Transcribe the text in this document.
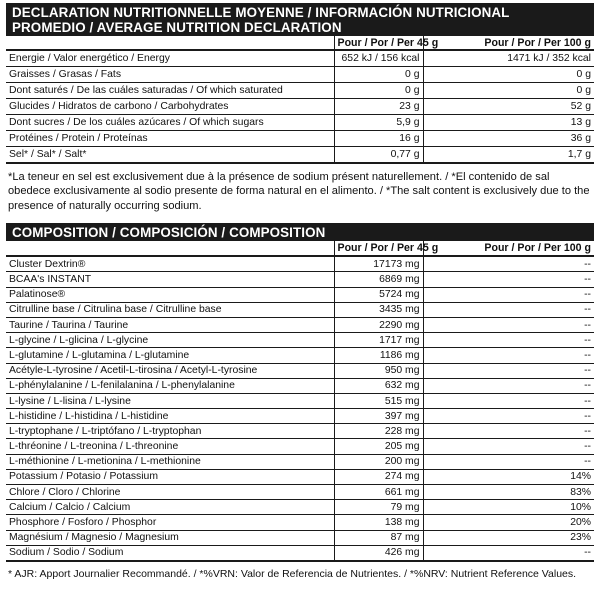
DECLARATION NUTRITIONNELLE MOYENNE / INFORMACIÓN NUTRICIONAL
PROMEDIO / AVERAGE NUTRITION DECLARATION
	Pour / Por / Per 45 g	Pour / Por / Per 100 g
Energie / Valor energético / Energy	652 kJ / 156 kcal	1471 kJ / 352 kcal
Graisses / Grasas / Fats	0 g	0 g
Dont saturés / De las cuáles saturadas / Of which saturated	0 g	0 g
Glucides / Hidratos de carbono / Carbohydrates	23 g	52 g
Dont sucres / De los cuáles azúcares / Of which sugars	5,9 g	13 g
Protéines / Protein / Proteínas	16 g	36 g
Sel* / Sal* / Salt*	0,77 g	1,7 g
*La teneur en sel est exclusivement due à la présence de sodium présent naturellement. / *El contenido de sal obedece exclusivamente al sodio presente de forma natural en el alimento. / *The salt content is exclusively due to the presence of naturally occurring sodium.
COMPOSITION / COMPOSICIÓN / COMPOSITION
	Pour / Por / Per 45 g	Pour / Por / Per 100 g
Cluster Dextrin®	17173 mg	--
BCAA's INSTANT	6869 mg	--
Palatinose®	5724 mg	--
Citrulline base / Citrulina base / Citrulline base	3435 mg	--
Taurine / Taurina / Taurine	2290 mg	--
L-glycine / L-glicina / L-glycine	1717 mg	--
L-glutamine / L-glutamina / L-glutamine	1186 mg	--
Acétyle-L-tyrosine / Acetil-L-tirosina / Acetyl-L-tyrosine	950 mg	--
L-phénylalanine / L-fenilalanina / L-phenylalanine	632 mg	--
L-lysine / L-lisina / L-lysine	515 mg	--
L-histidine / L-histidina / L-histidine	397 mg	--
L-tryptophane / L-triptófano / L-tryptophan	228 mg	--
L-thréonine / L-treonina / L-threonine	205 mg	--
L-méthionine / L-metionina / L-methionine	200 mg	--
Potassium / Potasio / Potassium	274 mg	14%
Chlore / Cloro / Chlorine	661 mg	83%
Calcium / Calcio / Calcium	79 mg	10%
Phosphore / Fosforo / Phosphor	138 mg	20%
Magnésium / Magnesio / Magnesium	87 mg	23%
Sodium / Sodio / Sodium	426 mg	--
* AJR: Apport Journalier Recommandé. / *%VRN: Valor de Referencia de Nutrientes. / *%NRV: Nutrient Reference Values.
